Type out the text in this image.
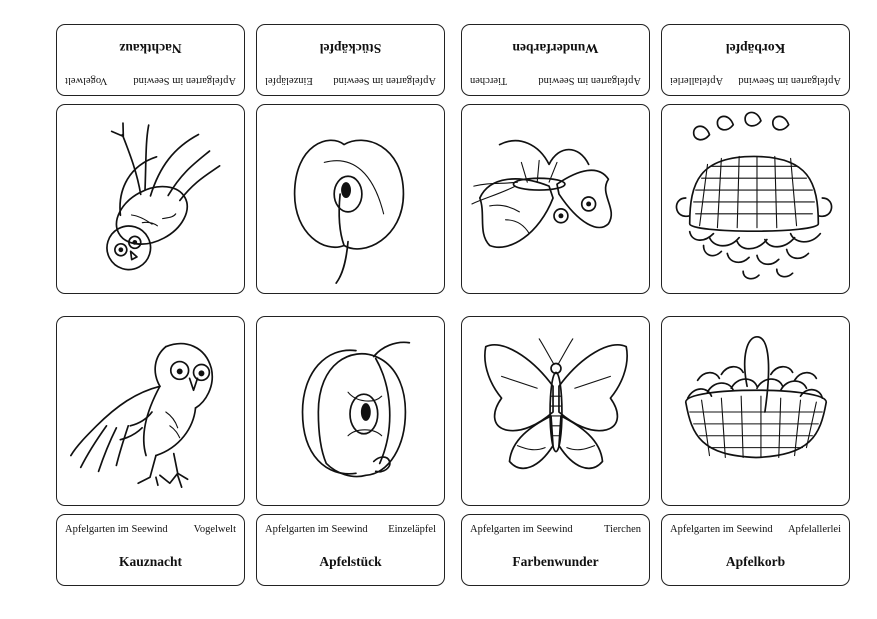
Apfelgarten im Seewind
Vogelwelt
Nachtkauz
Apfelgarten im Seewind
Einzeläpfel
Stückäpfel
Apfelgarten im Seewind
Tierchen
Wunderfarben
Apfelgarten im Seewind
Apfelallerlei
Korbäpfel
Apfelgarten im Seewind Vogelwelt
Kauznacht
Apfelgarten im Seewind Einzeläpfel
Apfelstück
Apfelgarten im Seewind	Tierchen
Farbenwunder
Apfelgarten im Seewind Apfelallerlei
Apfelkorb
